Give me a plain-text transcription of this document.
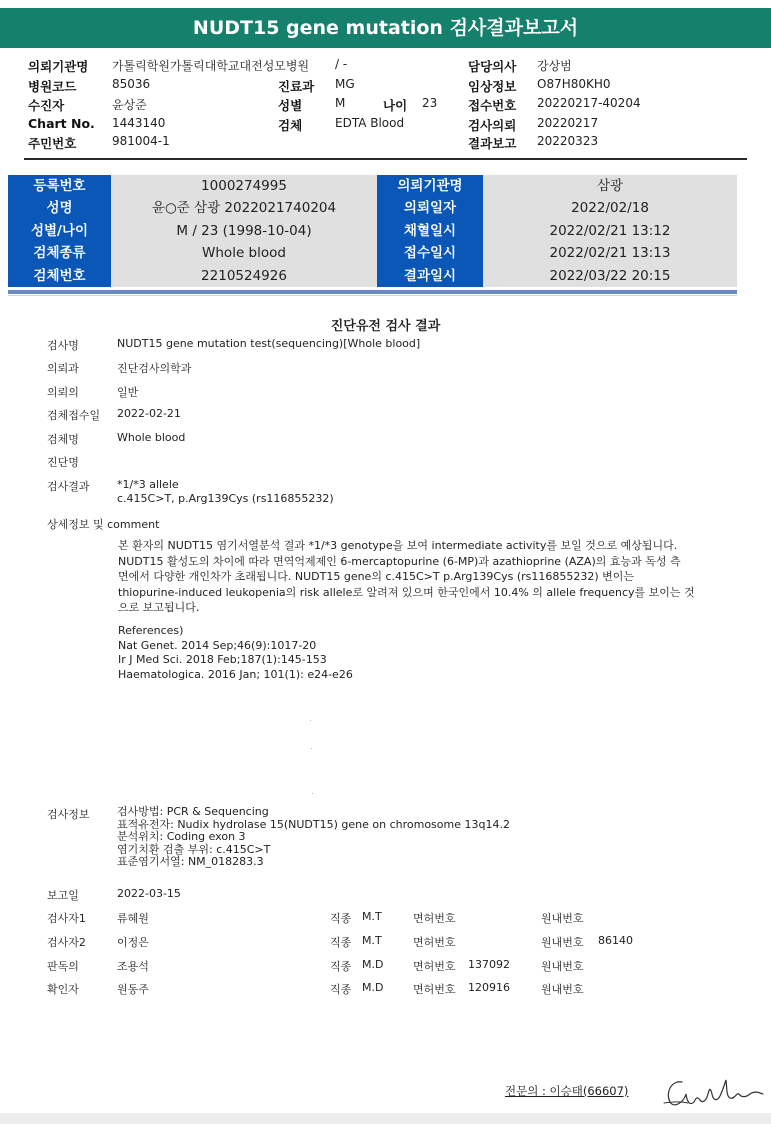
NUDT15 gene mutation 검사결과보고서
의뢰기관명 가톨릭학원가톨릭대학교대전성모병원 / -	담당의사 강상범
병원코드	85036	진료과 MG	임상정보 O87H80KH0
수진자	윤상준	성별	M	나이 23 접수번호 20220217-40204
Chart No. 1443140	검체	EDTA Blood	검사의뢰 20220217
주민번호	981004-1	결과보고 20220323
등록번호	1000274995	의뢰기관명	삼광
성명	윤○준 삼광 2022021740204	의뢰일자	2022/02/18
성별/나이	M / 23 (1998-10-04)	채혈일시	2022/02/21 13:12
검체종류	Whole blood	접수일시	2022/02/21 13:13
검체번호	2210524926	결과일시	2022/03/22 20:15
진단유전 검사 결과
검사명	NUDT15 gene mutation test(sequencing)[Whole blood]
의뢰과	진단검사의학과
의뢰의	일반
검체접수일 2022-02-21
검체명	Whole blood
진단명
검사결과 *1/*3 allele
c.415C>T, p.Arg139Cys (rs116855232)
상세정보 및 comment

본 환자의 NUDT15 염기서열분석 결과 *1/*3 genotype을 보여 intermediate activity를 보일 것으로 예상됩니다.

NUDT15 활성도의 차이에 따라 면역억제제인 6-mercaptopurine (6-MP)과 azathioprine (AZA)의 효능과 독성 측

면에서 다양한 개인차가 초래됩니다. NUDT15 gene의 c.415C>T p.Arg139Cys (rs116855232) 변이는

thiopurine-induced leukopenia의 risk allele로 알려져 있으며 한국인에서 10.4% 의 allele frequency를 보이는 것

으로 보고됩니다.

References)

Nat Genet. 2014 Sep;46(9):1017-20

Ir J Med Sci. 2018 Feb;187(1):145-153

Haematologica. 2016 Jan; 101(1): e24-e26

검사정보 검사방법: PCR & Sequencing

표적유전자: Nudix hydrolase 15(NUDT15) gene on chromosome 13q14.2

분석위치: Coding exon 3

염기치환 검출 부위: c.415C>T

표준염기서열: NM_018283.3

보고일	2022-03-15
검사자1	류혜원	직종 M.T	면허번호	원내번호
검사자2	이정은	직종 M.T	면허번호	원내번호 86140
판독의	조용석	직종 M.D	면허번호 137092	원내번호
확인자	원동주	직종 M.D	면허번호 120916	원내번호
전문의 : 이승태(66607)
